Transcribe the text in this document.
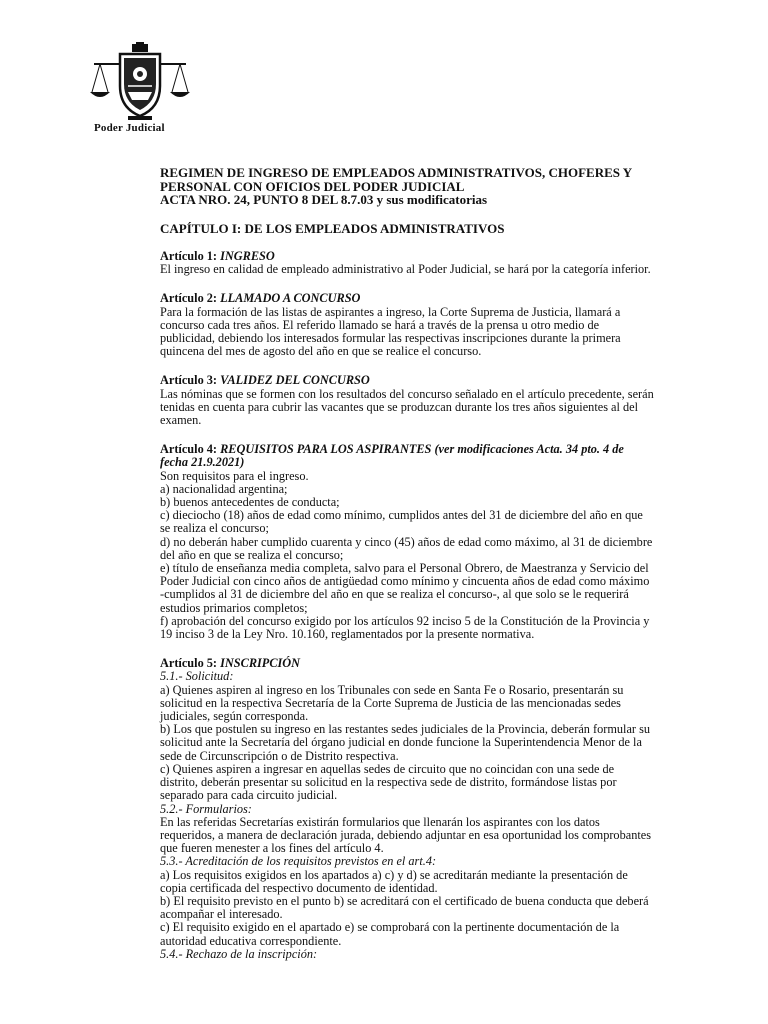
Poder Judicial
REGIMEN DE INGRESO DE EMPLEADOS ADMINISTRATIVOS, CHOFERES Y
PERSONAL CON OFICIOS DEL PODER JUDICIAL
ACTA NRO. 24, PUNTO 8 DEL 8.7.03 y sus modificatorias
CAPÍTULO I: DE LOS EMPLEADOS ADMINISTRATIVOS
Artículo 1: INGRESO
El ingreso en calidad de empleado administrativo al Poder Judicial, se hará por la categoría inferior.
Artículo 2: LLAMADO A CONCURSO
Para la formación de las listas de aspirantes a ingreso, la Corte Suprema de Justicia, llamará a
concurso cada tres años. El referido llamado se hará a través de la prensa u otro medio de
publicidad, debiendo los interesados formular las respectivas inscripciones durante la primera
quincena del mes de agosto del año en que se realice el concurso.
Artículo 3: VALIDEZ DEL CONCURSO
Las nóminas que se formen con los resultados del concurso señalado en el artículo precedente, serán
tenidas en cuenta para cubrir las vacantes que se produzcan durante los tres años siguientes al del
examen.
Artículo 4: REQUISITOS PARA LOS ASPIRANTES (ver modificaciones Acta. 34 pto. 4 de
fecha 21.9.2021)
Son requisitos para el ingreso.
a) nacionalidad argentina;
b) buenos antecedentes de conducta;
c) dieciocho (18) años de edad como mínimo, cumplidos antes del 31 de diciembre del año en que
se realiza el concurso;
d) no deberán haber cumplido cuarenta y cinco (45) años de edad como máximo, al 31 de diciembre
del año en que se realiza el concurso;
e) título de enseñanza media completa, salvo para el Personal Obrero, de Maestranza y Servicio del
Poder Judicial con cinco años de antigüedad como mínimo y cincuenta años de edad como máximo
-cumplidos al 31 de diciembre del año en que se realiza el concurso-, al que solo se le requerirá
estudios primarios completos;
f) aprobación del concurso exigido por los artículos 92 inciso 5 de la Constitución de la Provincia y
19 inciso 3 de la Ley Nro. 10.160, reglamentados por la presente normativa.
Artículo 5: INSCRIPCIÓN
5.1.- Solicitud:
a) Quienes aspiren al ingreso en los Tribunales con sede en Santa Fe o Rosario, presentarán su
solicitud en la respectiva Secretaría de la Corte Suprema de Justicia de las mencionadas sedes
judiciales, según corresponda.
b) Los que postulen su ingreso en las restantes sedes judiciales de la Provincia, deberán formular su
solicitud ante la Secretaría del órgano judicial en donde funcione la Superintendencia Menor de la
sede de Circunscripción o de Distrito respectiva.
c) Quienes aspiren a ingresar en aquellas sedes de circuito que no coincidan con una sede de
distrito, deberán presentar su solicitud en la respectiva sede de distrito, formándose listas por
separado para cada circuito judicial.
5.2.- Formularios:
En las referidas Secretarías existirán formularios que llenarán los aspirantes con los datos
requeridos, a manera de declaración jurada, debiendo adjuntar en esa oportunidad los comprobantes
que fueren menester a los fines del artículo 4.
5.3.- Acreditación de los requisitos previstos en el art.4:
a) Los requisitos exigidos en los apartados a) c) y d) se acreditarán mediante la presentación de
copia certificada del respectivo documento de identidad.
b) El requisito previsto en el punto b) se acreditará con el certificado de buena conducta que deberá
acompañar el interesado.
c) El requisito exigido en el apartado e) se comprobará con la pertinente documentación de la
autoridad educativa correspondiente.
5.4.- Rechazo de la inscripción:
